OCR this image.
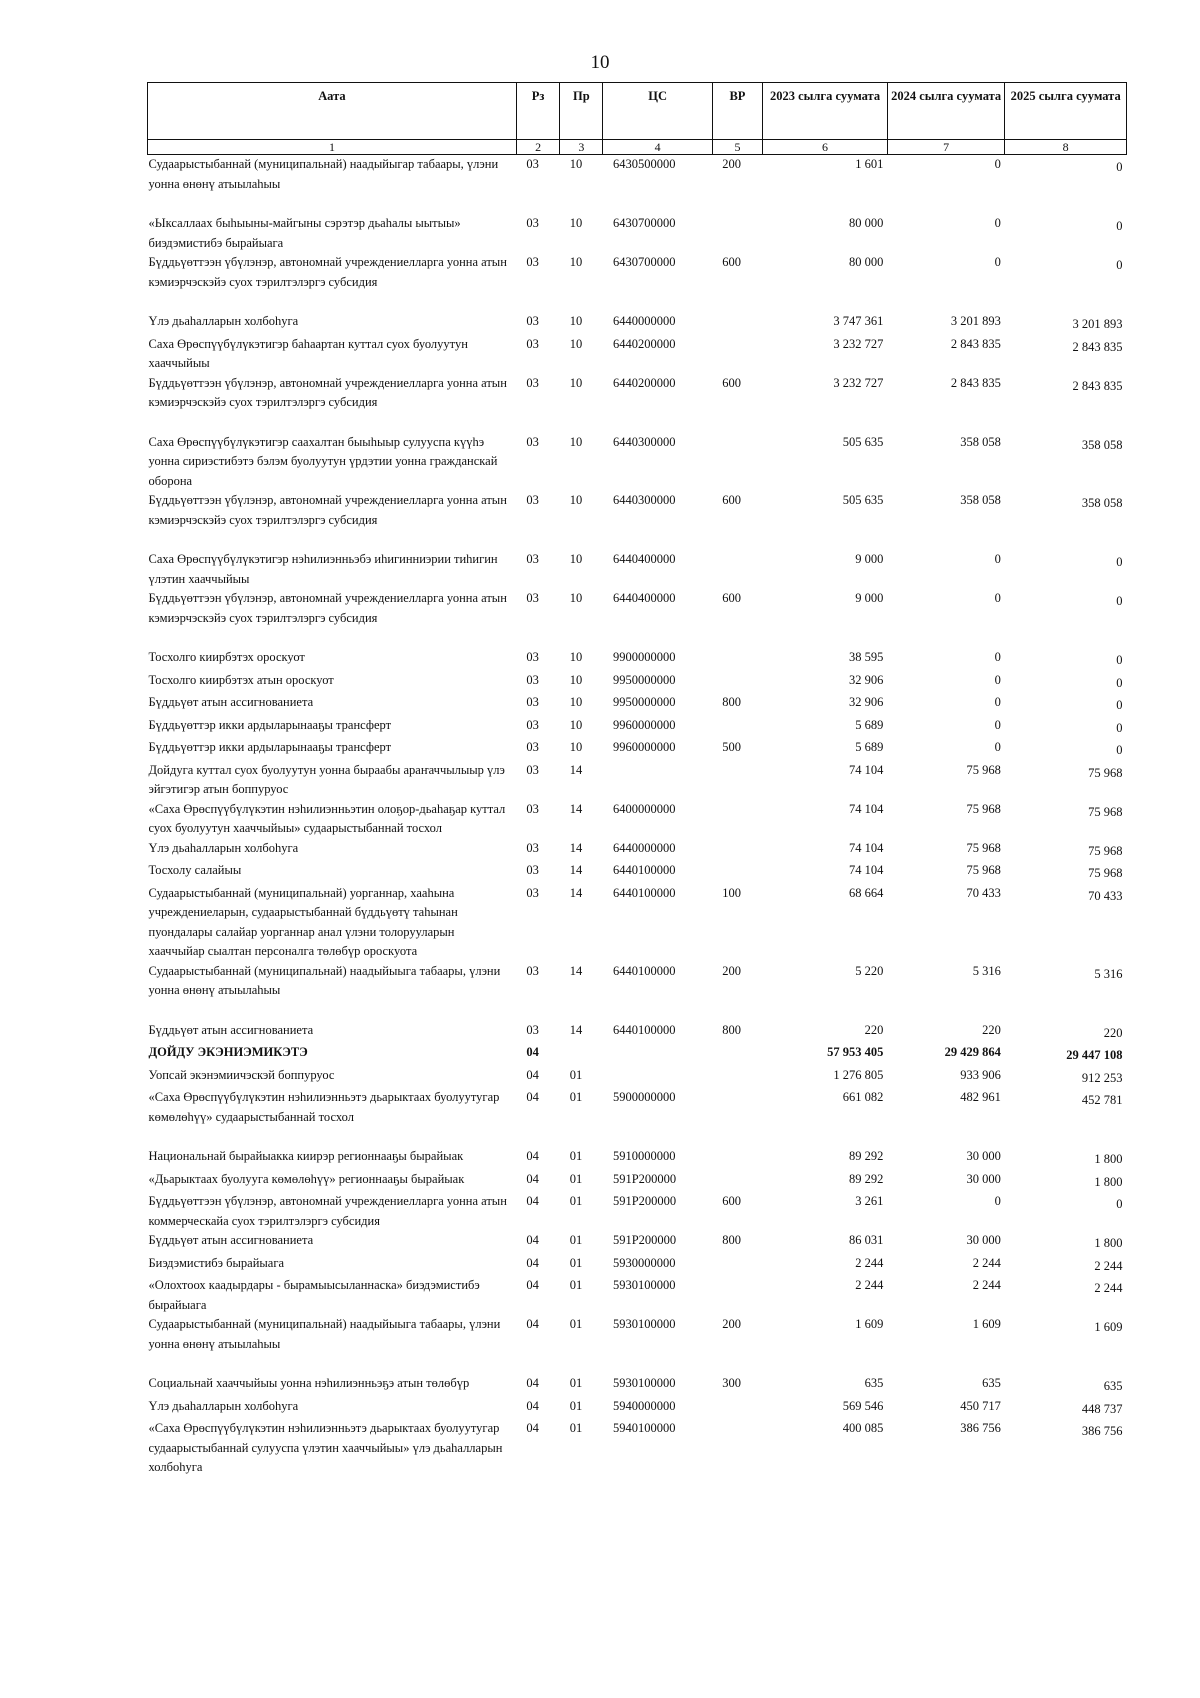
10
Аата	Рз	Пр	ЦС	ВР	2023 сылга суумата	2024 сылга суумата	2025 сылга суумата
1	2	3	4	5	6	7	8
Судаарыстыбаннай (муниципальнай) наадыйыгар табаары, үлэни уонна өнөнү атыылаhыы	03	10	6430500000	200	1 601	0	0

«Ыксаллаах быhыыны-майгыны сэрэтэр дьаhалы ыытыы» биэдэмистибэ бырайыага	03	10	6430700000		80 000	0	0
Бүддьүөттээн үбүлэнэр, автономнай учреждениелларга уонна атын кэмиэрчэскэйэ суох тэрилтэлэргэ субсидия	03	10	6430700000	600	80 000	0	0

Үлэ дьаhалларын холбоhуга	03	10	6440000000		3 747 361	3 201 893	3 201 893
Саха Өрөспүүбүлүкэтигэр баhаартан куттал суох буолуутун хааччыйыы	03	10	6440200000		3 232 727	2 843 835	2 843 835
Бүддьүөттээн үбүлэнэр, автономнай учреждениелларга уонна атын кэмиэрчэскэйэ суох тэрилтэлэргэ субсидия	03	10	6440200000	600	3 232 727	2 843 835	2 843 835

Саха Өрөспүүбүлүкэтигэр саахалтан быыhыыр сулууспа күүhэ уонна сириэстибэтэ бэлэм буолуутун үрдэтии уонна гражданскай оборона	03	10	6440300000		505 635	358 058	358 058
Бүддьүөттээн үбүлэнэр, автономнай учреждениелларга уонна атын кэмиэрчэскэйэ суох тэрилтэлэргэ субсидия	03	10	6440300000	600	505 635	358 058	358 058

Саха Өрөспүүбүлүкэтигэр нэhилиэнньэбэ иhигинниэрии тиhигин үлэтин хааччыйыы	03	10	6440400000		9 000	0	0
Бүддьүөттээн үбүлэнэр, автономнай учреждениелларга уонна атын кэмиэрчэскэйэ суох тэрилтэлэргэ субсидия	03	10	6440400000	600	9 000	0	0

Тосхолго киирбэтэх ороскуот	03	10	9900000000		38 595	0	0
Тосхолго киирбэтэх атын ороскуот	03	10	9950000000		32 906	0	0
Бүддьүөт атын ассигнованиета	03	10	9950000000	800	32 906	0	0
Бүддьүөттэр икки ардыларынааҕы трансферт	03	10	9960000000		5 689	0	0
Бүддьүөттэр икки ардыларынааҕы трансферт	03	10	9960000000	500	5 689	0	0
Дойдуга куттал суох буолуутун уонна быраабы араҥаччылыыр үлэ эйгэтигэр атын боппуруос	03	14			74 104	75 968	75 968
«Саха Өрөспүүбүлүкэтин нэhилиэнньэтин олоҕор-дьаhаҕар куттал суох буолуутун хааччыйыы» судаарыстыбаннай тосхол	03	14	6400000000		74 104	75 968	75 968
Үлэ дьаhалларын холбоhуга	03	14	6440000000		74 104	75 968	75 968
Тосхолу салайыы	03	14	6440100000		74 104	75 968	75 968
Судаарыстыбаннай (муниципальнай) уорганнар, хааhына учреждениеларын, судаарыстыбаннай бүддьүөтү таhынан пуондалары салайар уорганнар анал үлэни толорууларын хааччыйар сыалтан персоналга төлөбүр ороскуота	03	14	6440100000	100	68 664	70 433	70 433
Судаарыстыбаннай (муниципальнай) наадыйыыга табаары, үлэни уонна өнөнү атыылаhыы	03	14	6440100000	200	5 220	5 316	5 316

Бүддьүөт атын ассигнованиета	03	14	6440100000	800	220	220	220
ДОЙДУ ЭКЭНИЭМИКЭТЭ	04				57 953 405	29 429 864	29 447 108
Уопсай экэнэмиичэскэй боппуруос	04	01			1 276 805	933 906	912 253
«Саха Өрөспүүбүлүкэтин нэhилиэнньэтэ дьарыктаах буолуутугар көмөлөhүү» судаарыстыбаннай тосхол	04	01	5900000000		661 082	482 961	452 781

Национальнай бырайыакка киирэр регионнааҕы бырайыак	04	01	5910000000		89 292	30 000	1 800
«Дьарыктаах буолууга көмөлөhүү» регионнааҕы бырайыак	04	01	591P200000		89 292	30 000	1 800
Бүддьүөттээн үбүлэнэр, автономнай учреждениелларга уонна атын коммерческайа суох тэрилтэлэргэ субсидия	04	01	591P200000	600	3 261	0	0
Бүддьүөт атын ассигнованиета	04	01	591P200000	800	86 031	30 000	1 800
Биэдэмистибэ бырайыага	04	01	5930000000		2 244	2 244	2 244
«Олохтоох кaадырдары - бырамыысыланнаска» биэдэмистибэ бырайыага	04	01	5930100000		2 244	2 244	2 244
Судаарыстыбаннай (муниципальнай) наадыйыыга табаары, үлэни уонна өнөнү атыылаhыы	04	01	5930100000	200	1 609	1 609	1 609

Социальнай хааччыйыы уонна нэhилиэнньэҕэ атын төлөбүр	04	01	5930100000	300	635	635	635
Үлэ дьаhалларын холбоhуга	04	01	5940000000		569 546	450 717	448 737
«Саха Өрөспүүбүлүкэтин нэhилиэнньэтэ дьарыктаах буолуутугар судаарыстыбаннай сулууспа үлэтин хааччыйыы» үлэ дьаhалларын холбоhуга	04	01	5940100000		400 085	386 756	386 756
